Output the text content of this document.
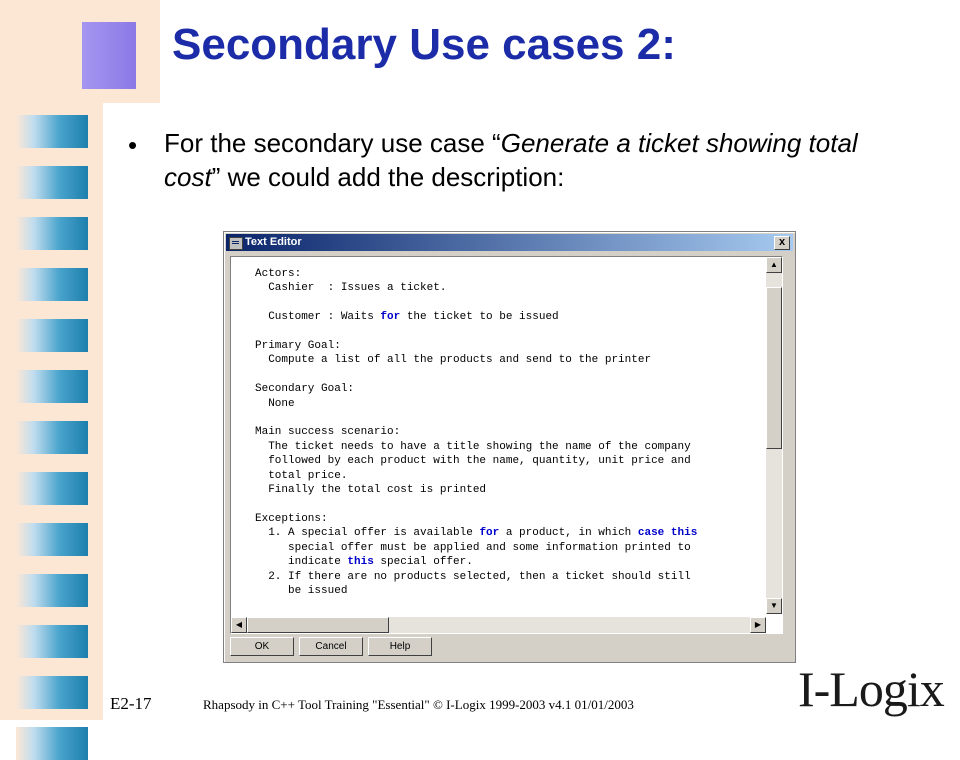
Secondary Use cases 2:
• For the secondary use case “Generate a ticket showing total cost” we could add the description:
Text Editor	x
Actors:
Cashier  : Issues a ticket.

Customer : Waits for the ticket to be issued

Primary Goal:
Compute a list of all the products and send to the printer

Secondary Goal:
None

Main success scenario:
The ticket needs to have a title showing the name of the company
followed by each product with the name, quantity, unit price and
total price.
Finally the total cost is printed

Exceptions:
1. A special offer is available for a product, in which case this
special offer must be applied and some information printed to
indicate this special offer.
2. If there are no products selected, then a ticket should still
be issued
▲
▼
◀	▶
OK	Cancel	Help
E2-17	Rhapsody in C++ Tool Training "Essential" © I-Logix 1999-2003 v4.1 01/01/2003	I-Logix
